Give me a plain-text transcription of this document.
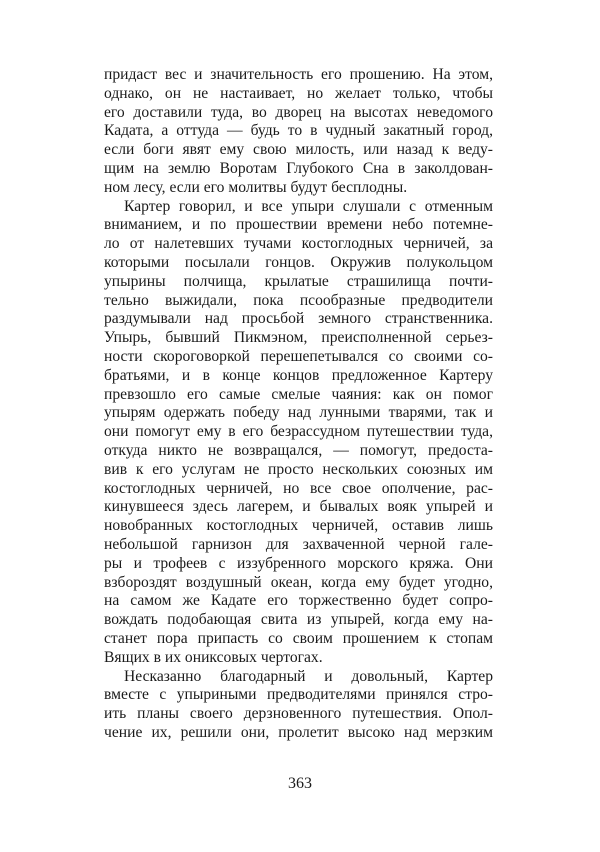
придаст вес и значительность его прошению. На этом,
однако, он не настаивает, но желает только, чтобы
его доставили туда, во дворец на высотах неведомого
Кадата, а оттуда — будь то в чудный закатный город,
если боги явят ему свою милость, или назад к веду-
щим на землю Воротам Глубокого Сна в заколдован-
ном лесу, если его молитвы будут бесплодны.
Картер говорил, и все упыри слушали с отменным
вниманием, и по прошествии времени небо потемне-
ло от налетевших тучами костоглодных черничей, за
которыми посылали гонцов. Окружив полукольцом
упырины полчища, крылатые страшилища почти-
тельно выжидали, пока псообразные предводители
раздумывали над просьбой земного странственника.
Упырь, бывший Пикмэном, преисполненной серьез-
ности скороговоркой перешепетывался со своими со-
братьями, и в конце концов предложенное Картеру
превзошло его самые смелые чаяния: как он помог
упырям одержать победу над лунными тварями, так и
они помогут ему в его безрассудном путешествии туда,
откуда никто не возвращался, — помогут, предоста-
вив к его услугам не просто нескольких союзных им
костоглодных черничей, но все свое ополчение, рас-
кинувшееся здесь лагерем, и бывалых вояк упырей и
новобранных костоглодных черничей, оставив лишь
небольшой гарнизон для захваченной черной гале-
ры и трофеев с иззубренного морского кряжа. Они
взбороздят воздушный океан, когда ему будет угодно,
на самом же Кадате его торжественно будет сопро-
вождать подобающая свита из упырей, когда ему на-
станет пора припасть со своим прошением к стопам
Вящих в их ониксовых чертогах.
Несказанно благодарный и довольный, Картер
вместе с упыриными предводителями принялся стро-
ить планы своего дерзновенного путешествия. Опол-
чение их, решили они, пролетит высоко над мерзким
363
